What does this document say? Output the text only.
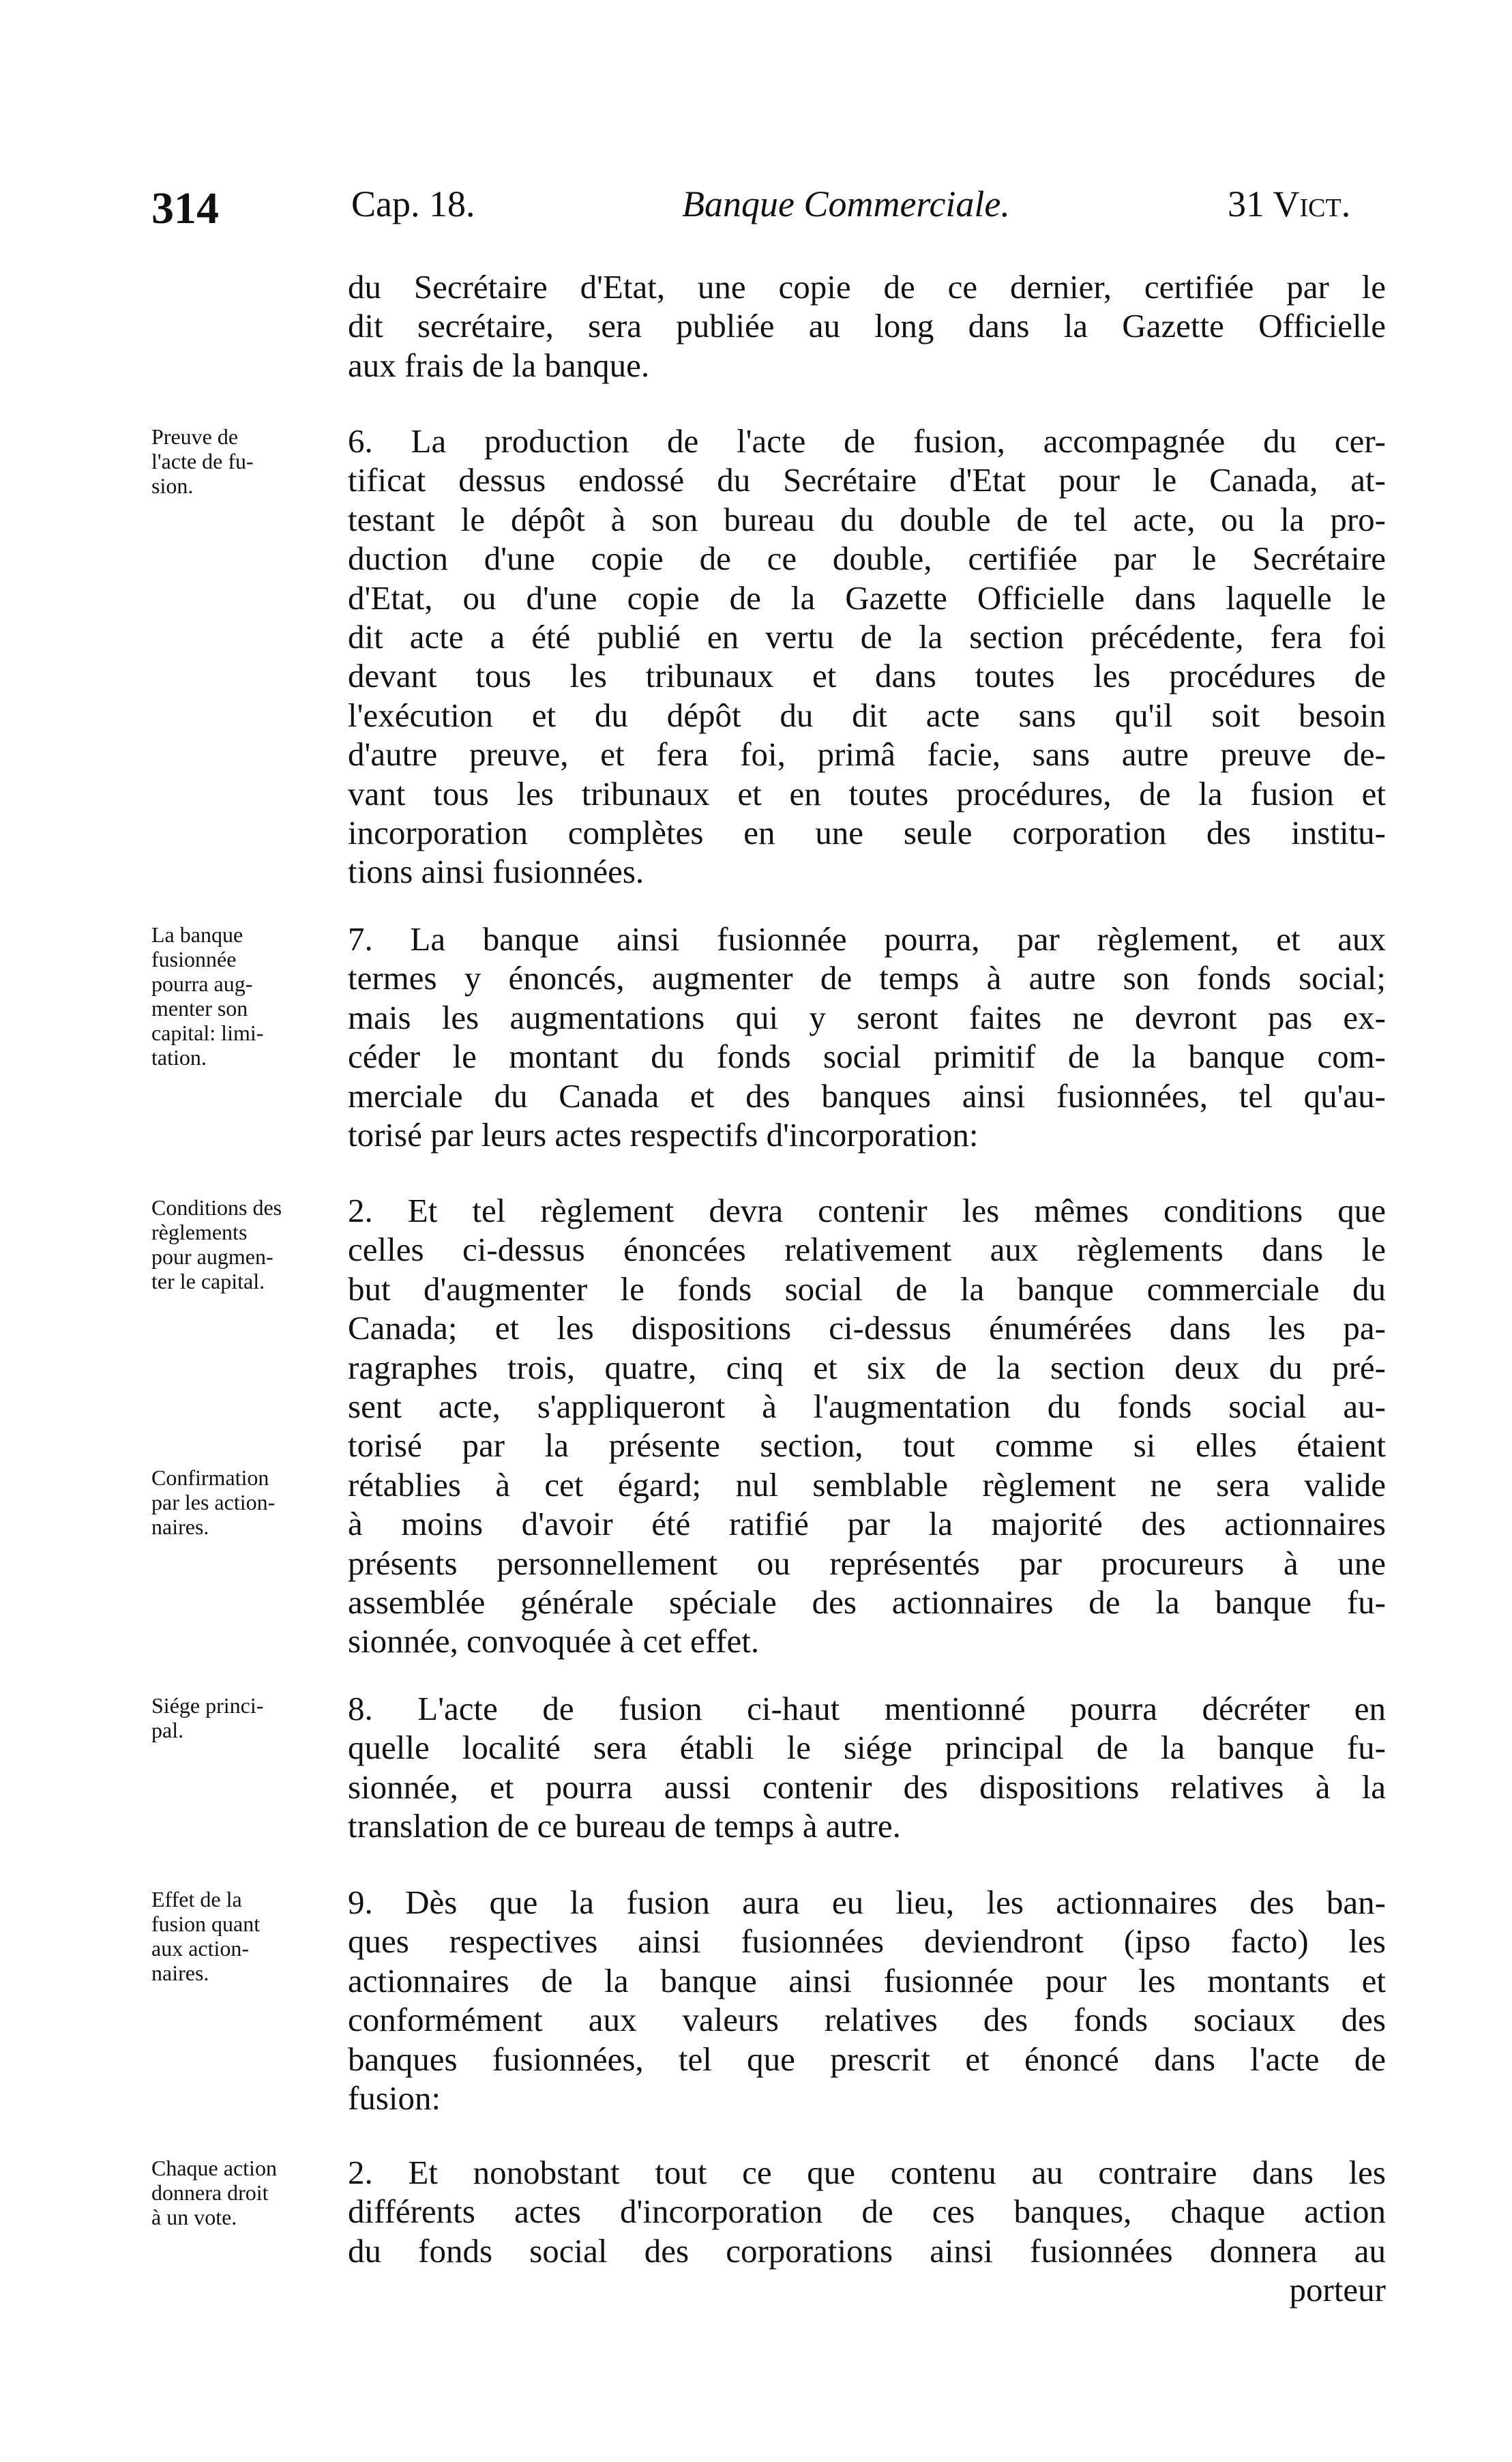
314	Cap. 18.	Banque Commerciale.	31 Vict.
du Secrétaire d'Etat, une copie de ce dernier, certifiée par le
dit secrétaire, sera publiée au long dans la Gazette Officielle
aux frais de la banque.
6. La production de l'acte de fusion, accompagnée du cer-
tificat dessus endossé du Secrétaire d'Etat pour le Canada, at-
testant le dépôt à son bureau du double de tel acte, ou la pro-
duction d'une copie de ce double, certifiée par le Secrétaire
d'Etat, ou d'une copie de la Gazette Officielle dans laquelle le
dit acte a été publié en vertu de la section précédente, fera foi
devant tous les tribunaux et dans toutes les procédures de
l'exécution et du dépôt du dit acte sans qu'il soit besoin
d'autre preuve, et fera foi, primâ facie, sans autre preuve de-
vant tous les tribunaux et en toutes procédures, de la fusion et
incorporation complètes en une seule corporation des institu-
tions ainsi fusionnées.
7. La banque ainsi fusionnée pourra, par règlement, et aux
termes y énoncés, augmenter de temps à autre son fonds social;
mais les augmentations qui y seront faites ne devront pas ex-
céder le montant du fonds social primitif de la banque com-
merciale du Canada et des banques ainsi fusionnées, tel qu'au-
torisé par leurs actes respectifs d'incorporation:
2. Et tel règlement devra contenir les mêmes conditions que
celles ci-dessus énoncées relativement aux règlements dans le
but d'augmenter le fonds social de la banque commerciale du
Canada; et les dispositions ci-dessus énumérées dans les pa-
ragraphes trois, quatre, cinq et six de la section deux du pré-
sent acte, s'appliqueront à l'augmentation du fonds social au-
torisé par la présente section, tout comme si elles étaient
rétablies à cet égard; nul semblable règlement ne sera valide
à moins d'avoir été ratifié par la majorité des actionnaires
présents personnellement ou représentés par procureurs à une
assemblée générale spéciale des actionnaires de la banque fu-
sionnée, convoquée à cet effet.
8. L'acte de fusion ci-haut mentionné pourra décréter en
quelle localité sera établi le siége principal de la banque fu-
sionnée, et pourra aussi contenir des dispositions relatives à la
translation de ce bureau de temps à autre.
9. Dès que la fusion aura eu lieu, les actionnaires des ban-
ques respectives ainsi fusionnées deviendront (ipso facto) les
actionnaires de la banque ainsi fusionnée pour les montants et
conformément aux valeurs relatives des fonds sociaux des
banques fusionnées, tel que prescrit et énoncé dans l'acte de
fusion:
2. Et nonobstant tout ce que contenu au contraire dans les
différents actes d'incorporation de ces banques, chaque action
du fonds social des corporations ainsi fusionnées donnera au
porteur
Preuve de
l'acte de fu-
sion.
La banque
fusionnée
pourra aug-
menter son
capital: limi-
tation.
Conditions des
règlements
pour augmen-
ter le capital.
Confirmation
par les action-
naires.
Siége princi-
pal.
Effet de la
fusion quant
aux action-
naires.
Chaque action
donnera droit
à un vote.
